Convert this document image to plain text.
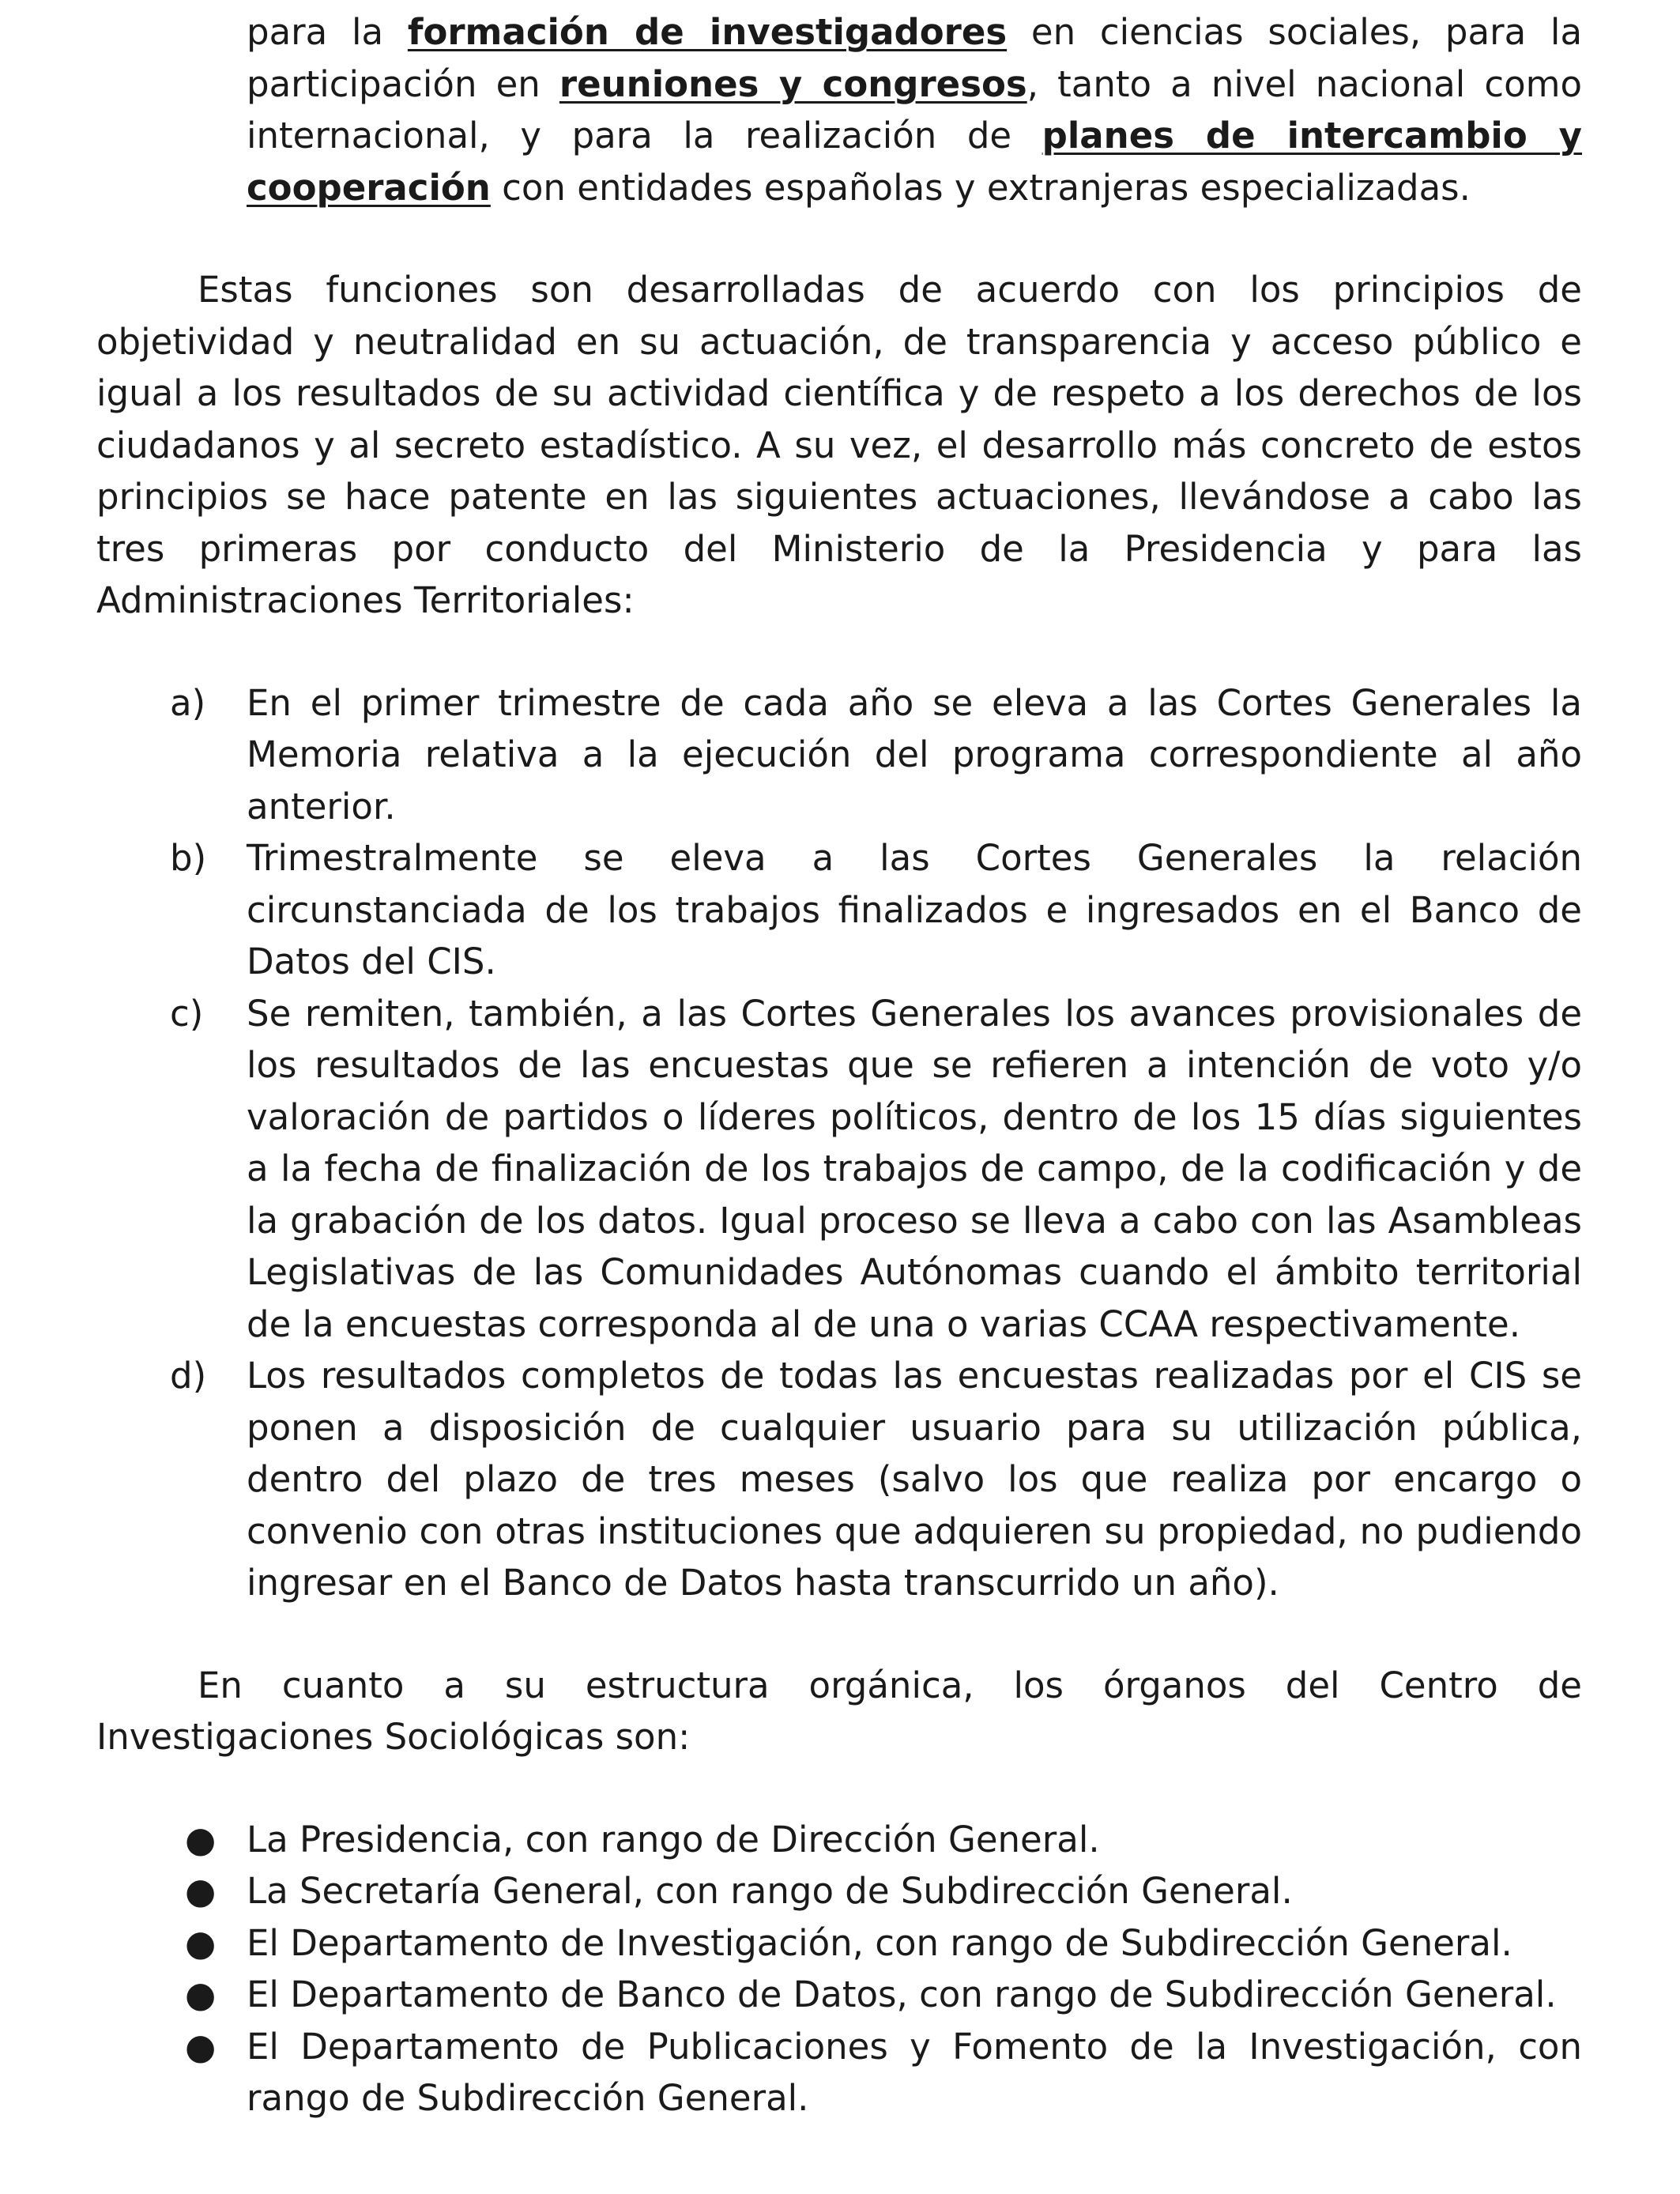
para la formación de investigadores en ciencias sociales, para la participación en reuniones y congresos, tanto a nivel nacional como internacional, y para la realización de planes de intercambio y cooperación con entidades españolas y extranjeras especializadas.

Estas funciones son desarrolladas de acuerdo con los principios de objetividad y neutralidad en su actuación, de transparencia y acceso público e igual a los resultados de su actividad científica y de respeto a los derechos de los ciudadanos y al secreto estadístico. A su vez, el desarrollo más concreto de estos principios se hace patente en las siguientes actuaciones, llevándose a cabo las tres primeras por conducto del Ministerio de la Presidencia y para las Administraciones Territoriales:

a) En el primer trimestre de cada año se eleva a las Cortes Generales la Memoria relativa a la ejecución del programa correspondiente al año anterior.

b) Trimestralmente se eleva a las Cortes Generales la relación circunstanciada de los trabajos finalizados e ingresados en el Banco de Datos del CIS.

c) Se remiten, también, a las Cortes Generales los avances provisionales de los resultados de las encuestas que se refieren a intención de voto y/o valoración de partidos o líderes políticos, dentro de los 15 días siguientes a la fecha de finalización de los trabajos de campo, de la codificación y de la grabación de los datos. Igual proceso se lleva a cabo con las Asambleas Legislativas de las Comunidades Autónomas cuando el ámbito territorial de la encuestas corresponda al de una o varias CCAA respectivamente.

d) Los resultados completos de todas las encuestas realizadas por el CIS se ponen a disposición de cualquier usuario para su utilización pública, dentro del plazo de tres meses (salvo los que realiza por encargo o convenio con otras instituciones que adquieren su propiedad, no pudiendo ingresar en el Banco de Datos hasta transcurrido un año).

En cuanto a su estructura orgánica, los órganos del Centro de Investigaciones Sociológicas son:

● La Presidencia, con rango de Dirección General.

● La Secretaría General, con rango de Subdirección General.

● El Departamento de Investigación, con rango de Subdirección General.

● El Departamento de Banco de Datos, con rango de Subdirección General.

● El Departamento de Publicaciones y Fomento de la Investigación, con rango de Subdirección General.
